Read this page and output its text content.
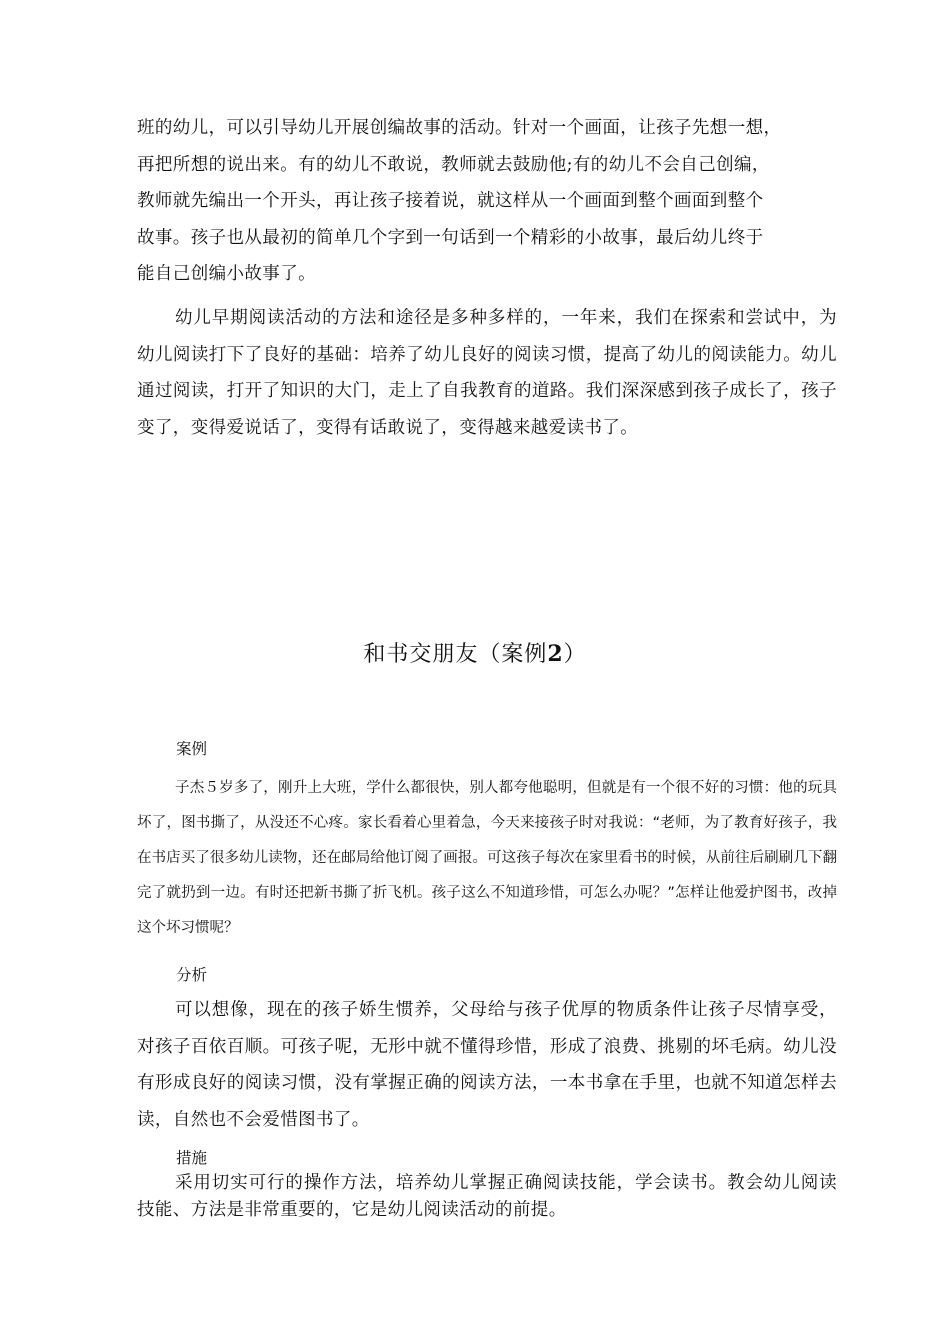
班的幼儿，可以引导幼儿开展创编故事的活动。针对一个画面，让孩子先想一想，
再把所想的说出来。有的幼儿不敢说，教师就去鼓励他;有的幼儿不会自己创编，
教师就先编出一个开头，再让孩子接着说，就这样从一个画面到整个画面到整个
故事。孩子也从最初的简单几个字到一句话到一个精彩的小故事，最后幼儿终于
能自己创编小故事了。

幼儿早期阅读活动的方法和途径是多种多样的，一年来，我们在探索和尝试中，为幼儿阅读打下了良好的基础：培养了幼儿良好的阅读习惯，提高了幼儿的阅读能力。幼儿通过阅读，打开了知识的大门，走上了自我教育的道路。我们深深感到孩子成长了，孩子变了，变得爱说话了，变得有话敢说了，变得越来越爱读书了。

和书交朋友（案例2）
案例

子杰５岁多了，刚升上大班，学什么都很快，别人都夸他聪明，但就是有一个很不好的习惯：他的玩具坏了，图书撕了，从没还不心疼。家长看着心里着急，今天来接孩子时对我说：“老师，为了教育好孩子，我在书店买了很多幼儿读物，还在邮局给他订阅了画报。可这孩子每次在家里看书的时候，从前往后刷刷几下翻完了就扔到一边。有时还把新书撕了折飞机。孩子这么不知道珍惜，可怎么办呢？”怎样让他爱护图书，改掉这个坏习惯呢？

分析

可以想像，现在的孩子娇生惯养，父母给与孩子优厚的物质条件让孩子尽情享受，对孩子百依百顺。可孩子呢，无形中就不懂得珍惜，形成了浪费、挑剔的坏毛病。幼儿没有形成良好的阅读习惯，没有掌握正确的阅读方法，一本书拿在手里，也就不知道怎样去读，自然也不会爱惜图书了。

措施

采用切实可行的操作方法，培养幼儿掌握正确阅读技能，学会读书。教会幼儿阅读技能、方法是非常重要的，它是幼儿阅读活动的前提。
